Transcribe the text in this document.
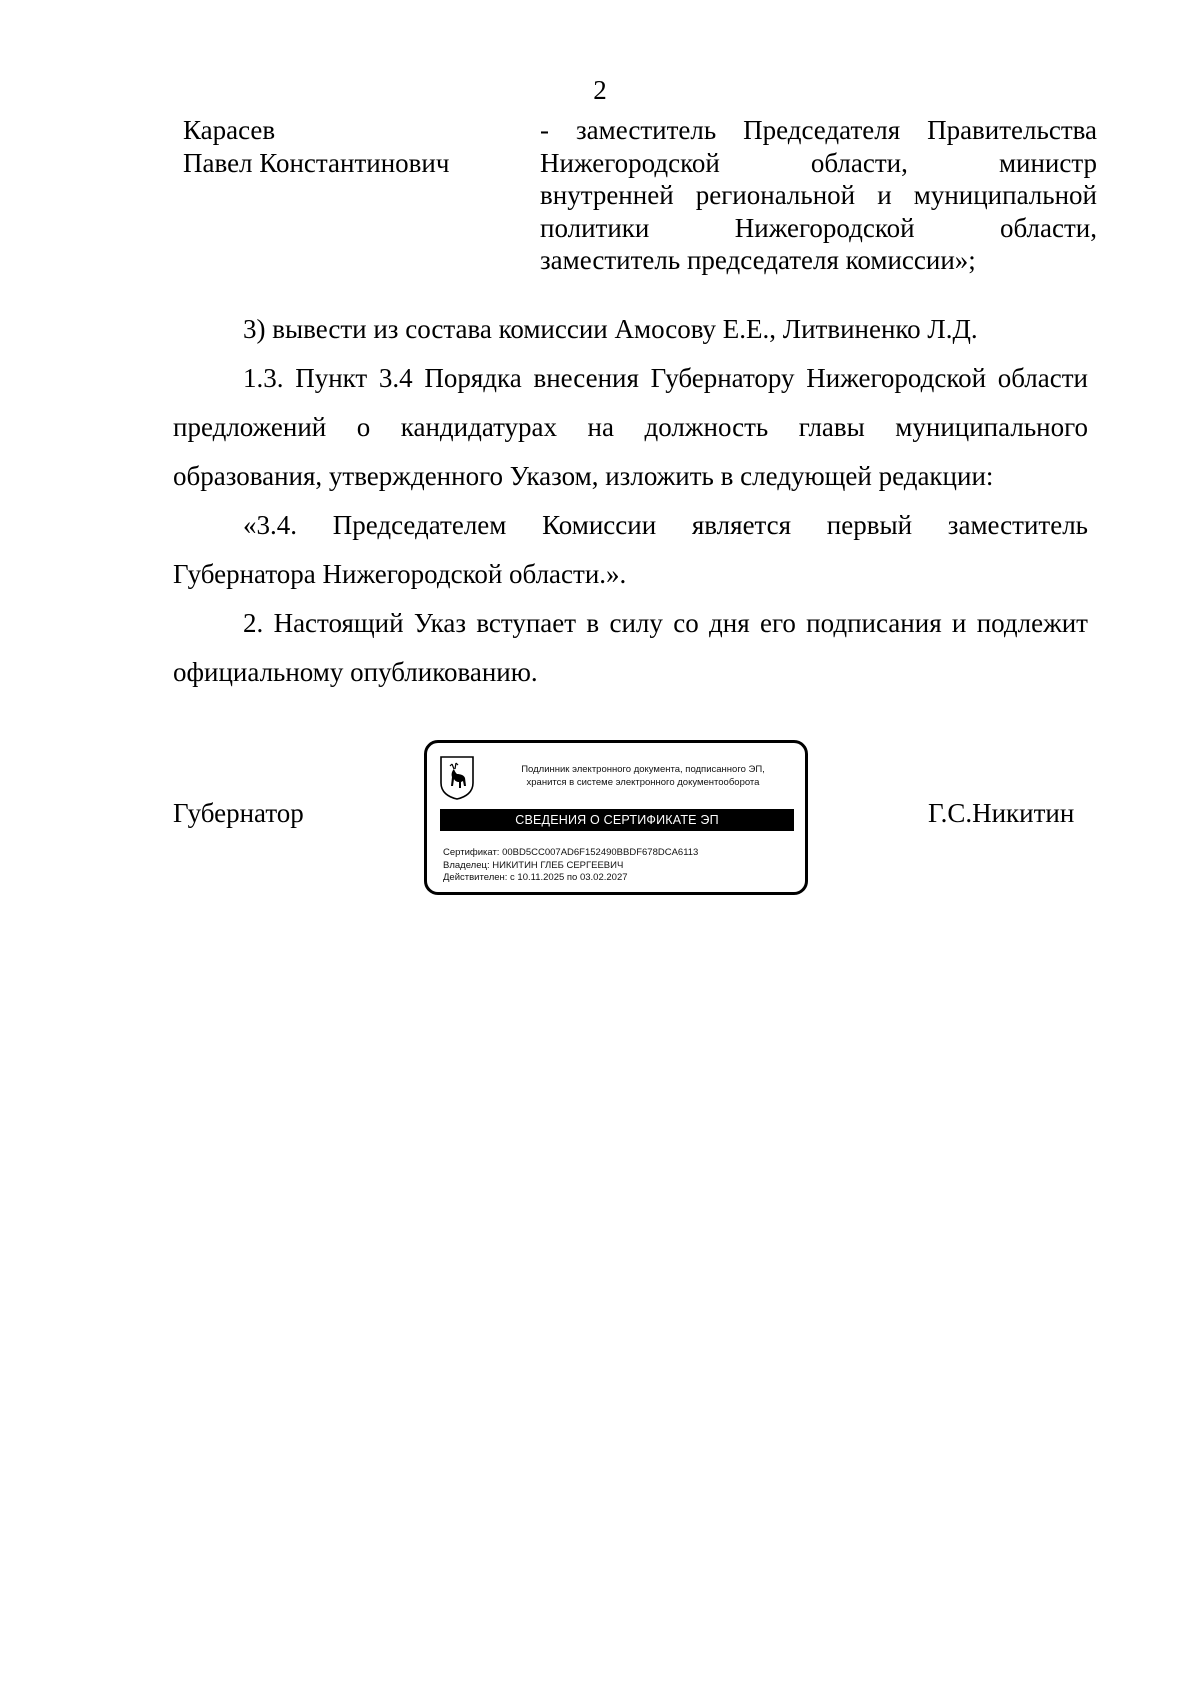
2
Карасев
Павел Константинович
- заместитель Председателя Правительства
Нижегородской области, министр
внутренней региональной и муниципальной
политики Нижегородской области,
заместитель председателя комиссии»;

3) вывести из состава комиссии Амосову Е.Е., Литвиненко Л.Д.

1.3. Пункт 3.4 Порядка внесения Губернатору Нижегородской области предложений о кандидатурах на должность главы муниципального образования, утвержденного Указом, изложить в следующей редакции:

«3.4. Председателем Комиссии является первый заместитель Губернатора Нижегородской области.».

2. Настоящий Указ вступает в силу со дня его подписания и подлежит официальному опубликованию.

Губернатор
Подлинник электронного документа, подписанного ЭП,
хранится в системе электронного документооборота
СВЕДЕНИЯ О СЕРТИФИКАТЕ ЭП
Сертификат: 00BD5CC007AD6F152490BBDF678DCA6113
Владелец: НИКИТИН ГЛЕБ СЕРГЕЕВИЧ
Действителен: с 10.11.2025 по 03.02.2027
Г.С.Никитин
